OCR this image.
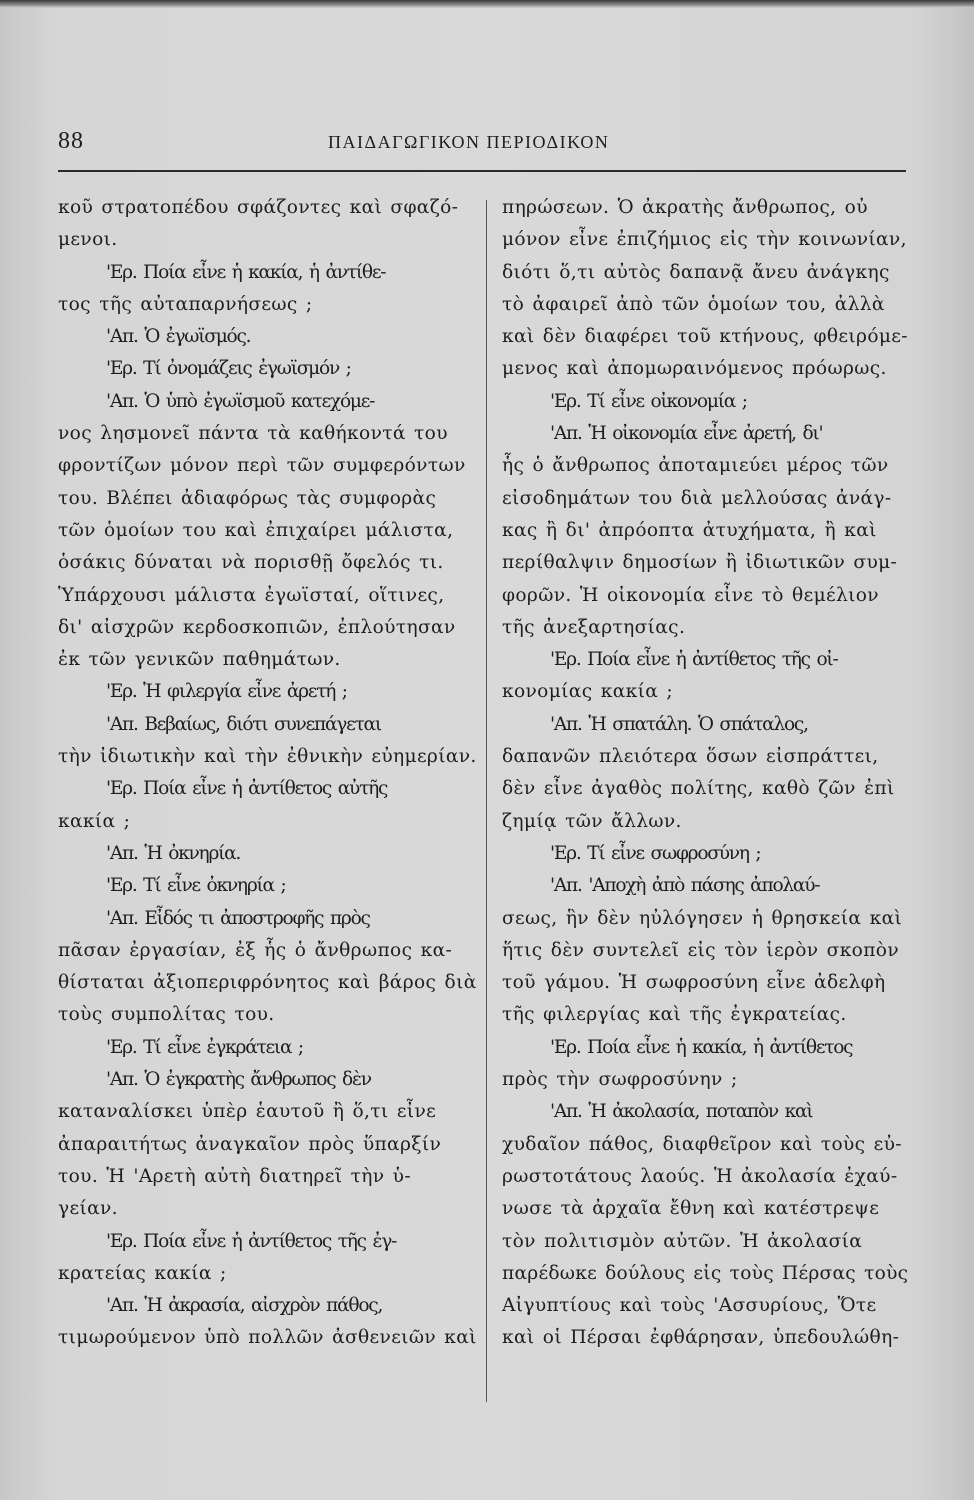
88	ΠΑΙΔΑΓΩΓΙΚΟΝ ΠΕΡΙΟΔΙΚΟΝ
κοῦ στρατοπέδου σφάζοντες καὶ σφαζό-
μενοι.
'Ερ. Ποία εἶνε ἡ κακία, ἡ ἀντίθε-
τος τῆς αὐταπαρνήσεως ;
'Απ. Ὁ ἐγωϊσμός.
'Ερ. Τί ὀνομάζεις ἐγωϊσμόν ;
'Απ. Ὁ ὑπὸ ἐγωϊσμοῦ κατεχόμε-
νος λησμονεῖ πάντα τὰ καθήκοντά του
φροντίζων μόνον περὶ τῶν συμφερόντων
του. Βλέπει ἀδιαφόρως τὰς συμφορὰς
τῶν ὁμοίων του καὶ ἐπιχαίρει μάλιστα,
ὁσάκις δύναται νὰ πορισθῇ ὄφελός τι.
Ὑπάρχουσι μάλιστα ἐγωϊσταί, οἵτινες,
δι' αἰσχρῶν κερδοσκοπιῶν, ἐπλούτησαν
ἐκ τῶν γενικῶν παθημάτων.
'Ερ. Ἡ φιλεργία εἶνε ἀρετή ;
'Απ. Βεβαίως, διότι συνεπάγεται
τὴν ἰδιωτικὴν καὶ τὴν ἐθνικὴν εὐημερίαν.
'Ερ. Ποία εἶνε ἡ ἀντίθετος αὐτῆς
κακία ;
'Απ. Ἡ ὀκνηρία.
'Ερ. Τί εἶνε ὀκνηρία ;
'Απ. Εἶδός τι ἀποστροφῆς πρὸς
πᾶσαν ἐργασίαν, ἐξ ἧς ὁ ἄνθρωπος κα-
θίσταται ἀξιοπεριφρόνητος καὶ βάρος διὰ
τοὺς συμπολίτας του.
'Ερ. Τί εἶνε ἐγκράτεια ;
'Απ. Ὁ ἐγκρατὴς ἄνθρωπος δὲν
καταναλίσκει ὑπὲρ ἑαυτοῦ ἢ ὅ,τι εἶνε
ἀπαραιτήτως ἀναγκαῖον πρὸς ὕπαρξίν
του. Ἡ 'Αρετὴ αὐτὴ διατηρεῖ τὴν ὑ-
γείαν.
'Ερ. Ποία εἶνε ἡ ἀντίθετος τῆς ἐγ-
κρατείας κακία ;
'Απ. Ἡ ἀκρασία, αἰσχρὸν πάθος,
τιμωρούμενον ὑπὸ πολλῶν ἀσθενειῶν καὶ
πηρώσεων. Ὁ ἀκρατὴς ἄνθρωπος, οὐ
μόνον εἶνε ἐπιζήμιος εἰς τὴν κοινωνίαν,
διότι ὅ,τι αὐτὸς δαπανᾷ ἄνευ ἀνάγκης
τὸ ἀφαιρεῖ ἀπὸ τῶν ὁμοίων του, ἀλλὰ
καὶ δὲν διαφέρει τοῦ κτήνους, φθειρόμε-
μενος καὶ ἀπομωραινόμενος πρόωρως.
'Ερ. Τί εἶνε οἰκονομία ;
'Απ. Ἡ οἰκονομία εἶνε ἀρετή, δι'
ἧς ὁ ἄνθρωπος ἀποταμιεύει μέρος τῶν
εἰσοδημάτων του διὰ μελλούσας ἀνάγ-
κας ἢ δι' ἀπρόοπτα ἀτυχήματα, ἢ καὶ
περίθαλψιν δημοσίων ἢ ἰδιωτικῶν συμ-
φορῶν. Ἡ οἰκονομία εἶνε τὸ θεμέλιον
τῆς ἀνεξαρτησίας.
'Ερ. Ποία εἶνε ἡ ἀντίθετος τῆς οἰ-
κονομίας κακία ;
'Απ. Ἡ σπατάλη. Ὁ σπάταλος,
δαπανῶν πλειότερα ὅσων εἰσπράττει,
δὲν εἶνε ἀγαθὸς πολίτης, καθὸ ζῶν ἐπὶ
ζημίᾳ τῶν ἄλλων.
'Ερ. Τί εἶνε σωφροσύνη ;
'Απ. 'Αποχὴ ἀπὸ πάσης ἀπολαύ-
σεως, ἣν δὲν ηὐλόγησεν ἡ θρησκεία καὶ
ἥτις δὲν συντελεῖ εἰς τὸν ἱερὸν σκοπὸν
τοῦ γάμου. Ἡ σωφροσύνη εἶνε ἀδελφὴ
τῆς φιλεργίας καὶ τῆς ἐγκρατείας.
'Ερ. Ποία εἶνε ἡ κακία, ἡ ἀντίθετος
πρὸς τὴν σωφροσύνην ;
'Απ. Ἡ ἀκολασία, ποταπὸν καὶ
χυδαῖον πάθος, διαφθεῖρον καὶ τοὺς εὐ-
ρωστοτάτους λαούς. Ἡ ἀκολασία ἐχαύ-
νωσε τὰ ἀρχαῖα ἔθνη καὶ κατέστρεψε
τὸν πολιτισμὸν αὐτῶν. Ἡ ἀκολασία
παρέδωκε δούλους εἰς τοὺς Πέρσας τοὺς
Αἰγυπτίους καὶ τοὺς 'Ασσυρίους, Ὅτε
καὶ οἱ Πέρσαι ἐφθάρησαν, ὑπεδουλώθη-
